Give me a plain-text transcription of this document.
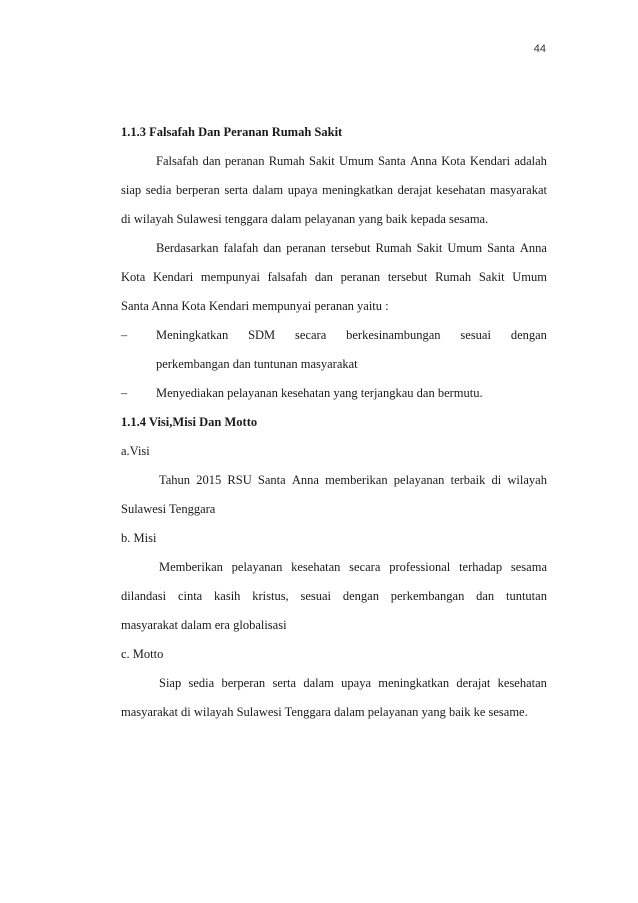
44
1.1.3 Falsafah Dan Peranan Rumah Sakit
Falsafah dan peranan Rumah Sakit Umum Santa Anna Kota Kendari adalah
siap sedia berperan serta dalam upaya meningkatkan derajat kesehatan masyarakat
di wilayah Sulawesi tenggara dalam pelayanan yang baik kepada sesama.
Berdasarkan falafah dan peranan tersebut Rumah Sakit Umum Santa Anna
Kota Kendari mempunyai falsafah dan peranan tersebut Rumah Sakit Umum
Santa Anna Kota Kendari mempunyai peranan yaitu :
–	Meningkatkan SDM secara berkesinambungan sesuai dengan
perkembangan dan tuntunan masyarakat
–	Menyediakan pelayanan kesehatan yang terjangkau dan bermutu.
1.1.4 Visi,Misi Dan Motto
a.Visi
Tahun 2015 RSU Santa Anna memberikan pelayanan terbaik di wilayah
Sulawesi Tenggara
b. Misi
Memberikan pelayanan kesehatan secara professional terhadap sesama
dilandasi cinta kasih kristus, sesuai dengan perkembangan dan tuntutan
masyarakat dalam era globalisasi
c. Motto
Siap sedia berperan serta dalam upaya meningkatkan derajat kesehatan
masyarakat di wilayah Sulawesi Tenggara dalam pelayanan yang baik ke sesame.
